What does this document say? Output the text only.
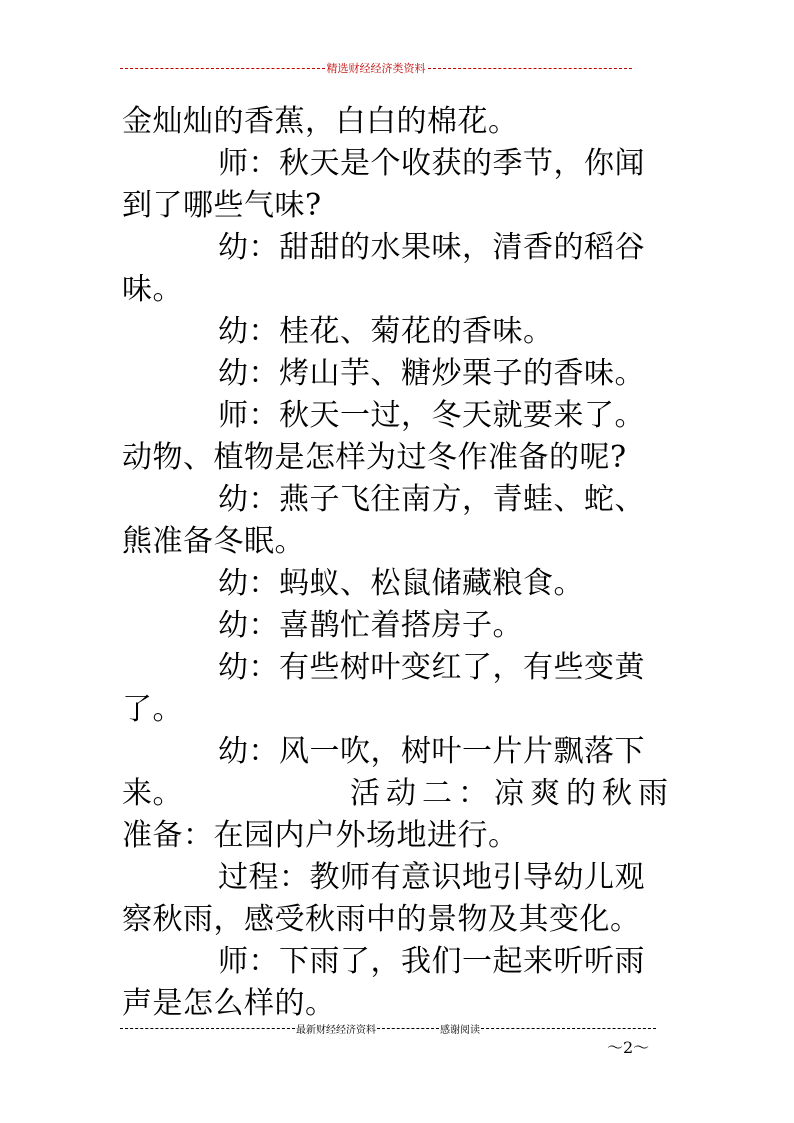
精选财经经济类资料
金灿灿的香蕉，白白的棉花。
师：秋天是个收获的季节，你闻
到了哪些气味?
幼：甜甜的水果味，清香的稻谷
味。
幼：桂花、菊花的香味。
幼：烤山芋、糖炒栗子的香味。
师：秋天一过，冬天就要来了。
动物、植物是怎样为过冬作准备的呢?
幼：燕子飞往南方，青蛙、蛇、
熊准备冬眠。
幼：蚂蚁、松鼠储藏粮食。
幼：喜鹊忙着搭房子。
幼：有些树叶变红了，有些变黄
了。
幼：风一吹，树叶一片片飘落下
来。	活动二：凉爽的秋雨
准备：在园内户外场地进行。
过程：教师有意识地引导幼儿观
察秋雨，感受秋雨中的景物及其变化。
师：下雨了，我们一起来听听雨
声是怎么样的。
最新财经经济资料	感谢阅读
～2～
